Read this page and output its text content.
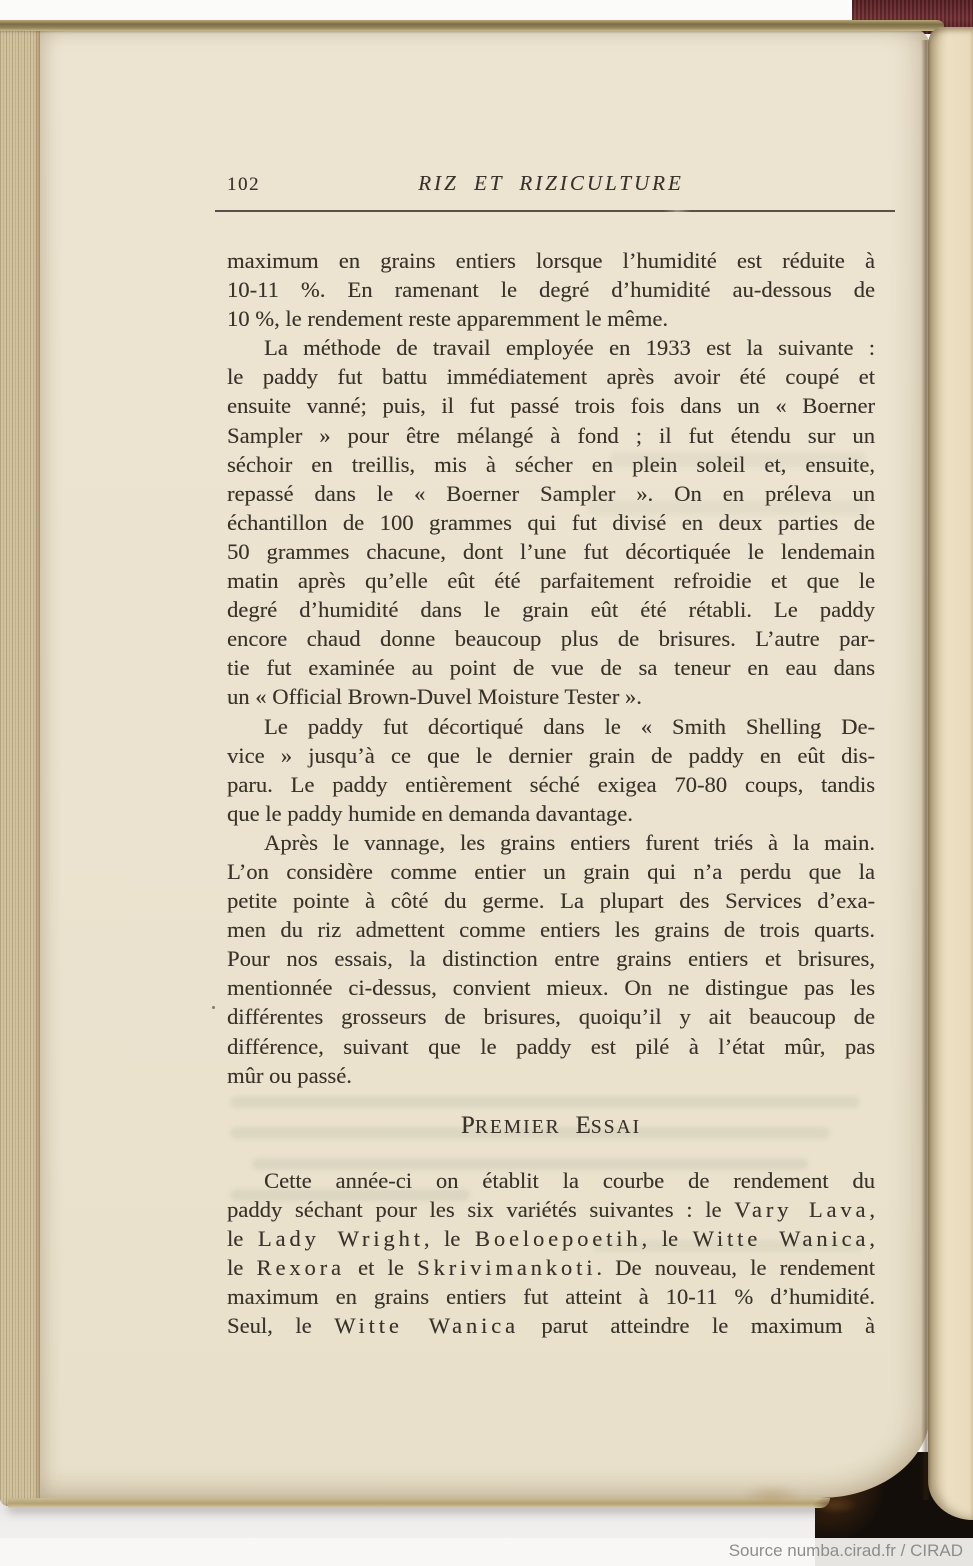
102	RIZ ET RIZICULTURE
maximum en grains entiers lorsque l’humidité est réduite à
10-11 %. En ramenant le degré d’humidité au-dessous de
10 %, le rendement reste apparemment le même.
La méthode de travail employée en 1933 est la suivante :
le paddy fut battu immédiatement après avoir été coupé et
ensuite vanné; puis, il fut passé trois fois dans un « Boerner
Sampler » pour être mélangé à fond ; il fut étendu sur un
séchoir en treillis, mis à sécher en plein soleil et, ensuite,
repassé dans le « Boerner Sampler ». On en préleva un
échantillon de 100 grammes qui fut divisé en deux parties de
50 grammes chacune, dont l’une fut décortiquée le lendemain
matin après qu’elle eût été parfaitement refroidie et que le
degré d’humidité dans le grain eût été rétabli. Le paddy
encore chaud donne beaucoup plus de brisures. L’autre par-
tie fut examinée au point de vue de sa teneur en eau dans
un « Official Brown-Duvel Moisture Tester ».
Le paddy fut décortiqué dans le « Smith Shelling De-
vice » jusqu’à ce que le dernier grain de paddy en eût dis-
paru. Le paddy entièrement séché exigea 70-80 coups, tandis
que le paddy humide en demanda davantage.
Après le vannage, les grains entiers furent triés à la main.
L’on considère comme entier un grain qui n’a perdu que la
petite pointe à côté du germe. La plupart des Services d’exa-
men du riz admettent comme entiers les grains de trois quarts.
Pour nos essais, la distinction entre grains entiers et brisures,
mentionnée ci-dessus, convient mieux. On ne distingue pas les
différentes grosseurs de brisures, quoiqu’il y ait beaucoup de
différence, suivant que le paddy est pilé à l’état mûr, pas
mûr ou passé.
PREMIER ESSAI
Cette année-ci on établit la courbe de rendement du
paddy séchant pour les six variétés suivantes : le Vary Lava,
le Lady Wright, le Boeloepoetih, le Witte Wanica,
le Rexora et le Skrivimankoti. De nouveau, le rendement
maximum en grains entiers fut atteint à 10-11 % d’humidité.
Seul, le Witte Wanica parut atteindre le maximum à
Source numba.cirad.fr / CIRAD
